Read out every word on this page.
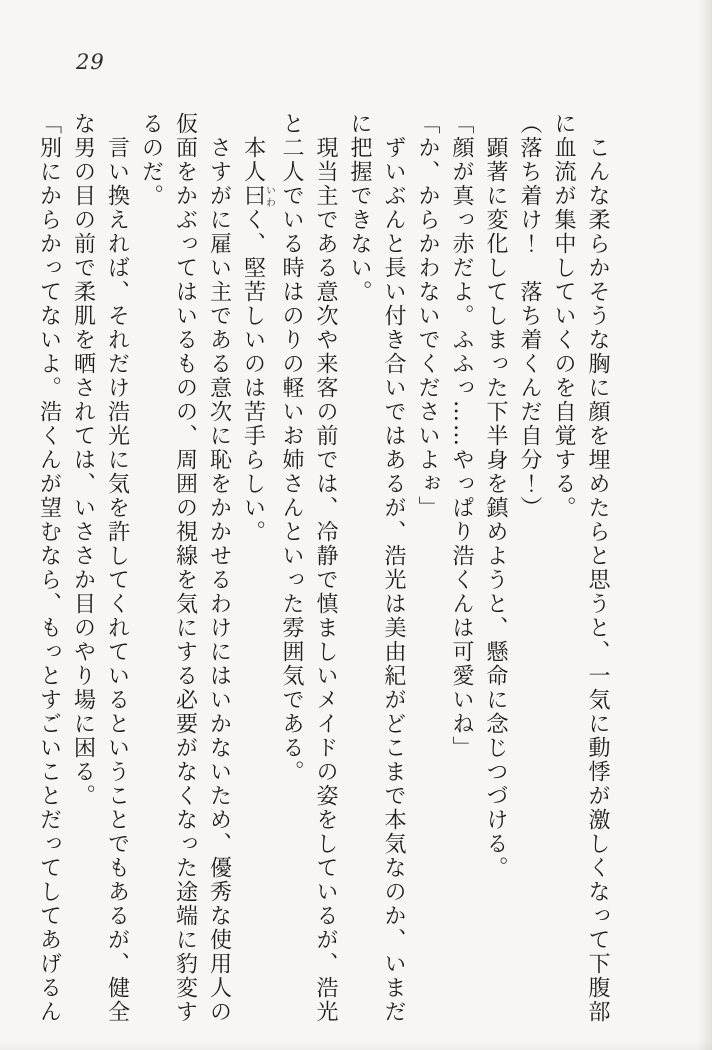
29
こんな柔らかそうな胸に顔を埋めたらと思うと、一気に動悸が激しくなって下腹部
に血流が集中していくのを自覚する。
（落ち着け！　落ち着くんだ自分！）
顕著に変化してしまった下半身を鎮めようと、懸命に念じつづける。
「顔が真っ赤だよ。ふふっ……やっぱり浩くんは可愛いね」
「か、からかわないでくださいよぉ」
ずいぶんと長い付き合いではあるが、浩光は美由紀がどこまで本気なのか、いまだ
に把握できない。
現当主である意次や来客の前では、冷静で慎ましいメイドの姿をしているが、浩光
と二人でいる時はのりの軽いお姉さんといった雰囲気である。
本人曰いわく、堅苦しいのは苦手らしい。
さすがに雇い主である意次に恥をかかせるわけにはいかないため、優秀な使用人の
仮面をかぶってはいるものの、周囲の視線を気にする必要がなくなった途端に豹変す
るのだ。
言い換えれば、それだけ浩光に気を許してくれているということでもあるが、健全
な男の目の前で柔肌を晒されては、いささか目のやり場に困る。
「別にからかってないよ。浩くんが望むなら、もっとすごいことだってしてあげるん
